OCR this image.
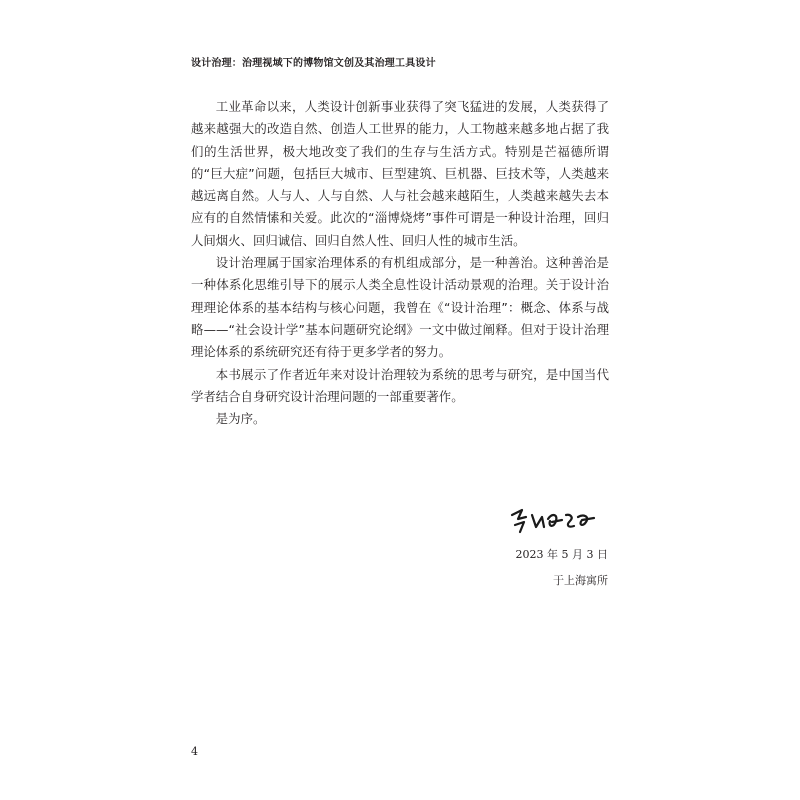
设计治理：治理视域下的博物馆文创及其治理工具设计

工业革命以来，人类设计创新事业获得了突飞猛进的发展，人类获得了越来越强大的改造自然、创造人工世界的能力，人工物越来越多地占据了我们的生活世界，极大地改变了我们的生存与生活方式。特别是芒福德所谓的“巨大症”问题，包括巨大城市、巨型建筑、巨机器、巨技术等，人类越来越远离自然。人与人、人与自然、人与社会越来越陌生，人类越来越失去本应有的自然情愫和关爱。此次的“淄博烧烤”事件可谓是一种设计治理，回归人间烟火、回归诚信、回归自然人性、回归人性的城市生活。

设计治理属于国家治理体系的有机组成部分，是一种善治。这种善治是一种体系化思维引导下的展示人类全息性设计活动景观的治理。关于设计治理理论体系的基本结构与核心问题，我曾在《“设计治理”：概念、体系与战略——“社会设计学”基本问题研究论纲》一文中做过阐释。但对于设计治理理论体系的系统研究还有待于更多学者的努力。

本书展示了作者近年来对设计治理较为系统的思考与研究，是中国当代学者结合自身研究设计治理问题的一部重要著作。

是为序。

2023 年 5 月 3 日
于上海寓所
4
